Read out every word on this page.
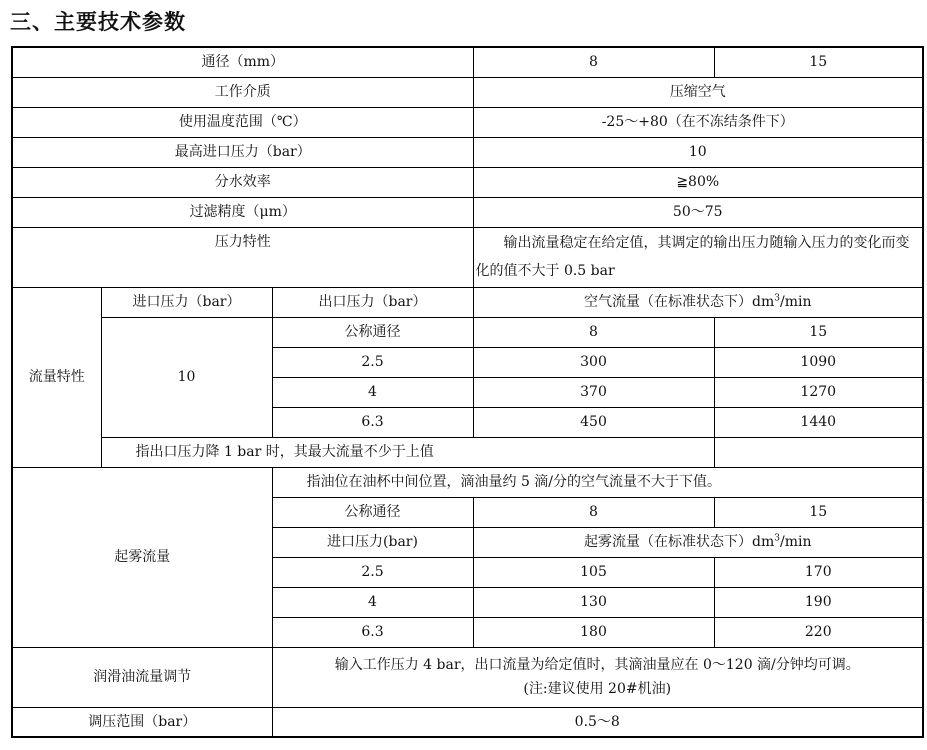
三、主要技术参数
通径（mm）			8	15
工作介质			压缩空气	
使用温度范围（℃）			-25～+80（在不冻结条件下）	
最高进口压力（bar）			10	
分水效率			≧80%	
过滤精度（μm）			50～75	
压力特性			输出流量稳定在给定值，其调定的输出压力随输入压力的变化而变化的值不大于 0.5 bar	
流量特性	进口压力（bar）	出口压力（bar）	空气流量（在标准状态下）$dm^3/\min$	
	10	公称通径	8	15
		2.5	300	1090
		4	370	1270
		6.3	450	1440
	指出口压力降 1 bar 时，其最大流量不少于上值			
起雾流量		指油位在油杯中间位置，滴油量约 5 滴/分的空气流量不大于下值。		
		公称通径	8	15
		进口压力(bar)	起雾流量（在标准状态下）$dm^3/\min$	
		2.5	105	170
		4	130	190
		6.3	180	220
润滑油流量调节		输入工作压力 4 bar，出口流量为给定值时，其滴油量应在 0～120 滴/分钟均可调。
(注:建议使用 20#机油)		

调压范围（bar）		0.5～8		
